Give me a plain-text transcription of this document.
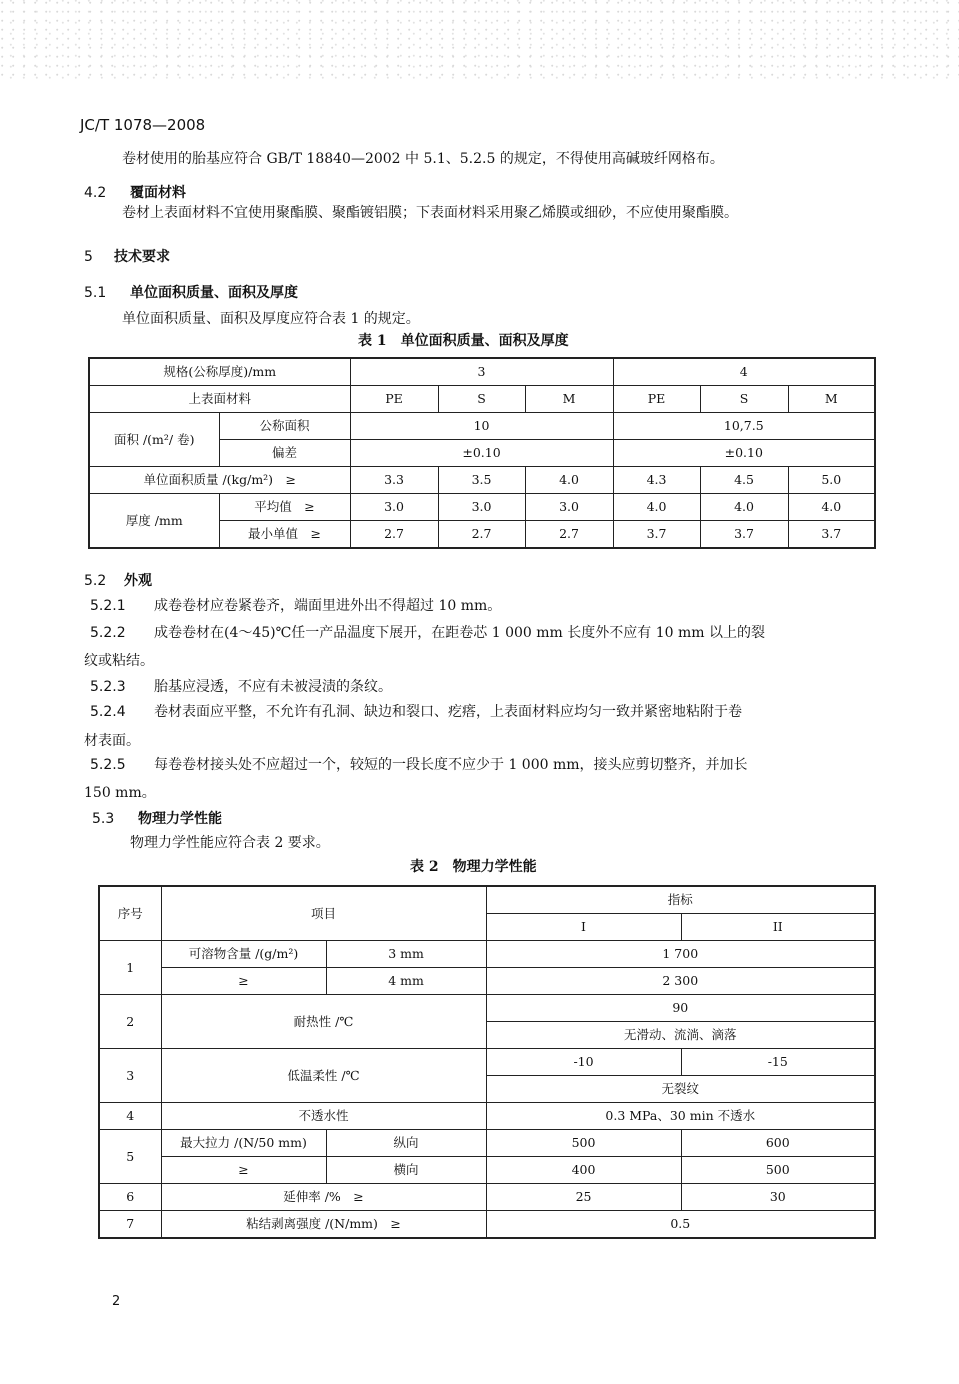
JC/T 1078—2008
卷材使用的胎基应符合 GB/T 18840—2002 中 5.1、5.2.5 的规定，不得使用高碱玻纤网格布。
4.2 覆面材料
卷材上表面材料不宜使用聚酯膜、聚酯镀铝膜；下表面材料采用聚乙烯膜或细砂，不应使用聚酯膜。
5 技术要求
5.1 单位面积质量、面积及厚度
单位面积质量、面积及厚度应符合表 1 的规定。
表 1　单位面积质量、面积及厚度
规格(公称厚度)/mm		3			4		
上表面材料		PE	S	M	PE	S	M
面积 /(m²/ 卷)	公称面积	10			10,7.5		
	偏差	±0.10			±0.10		
单位面积质量 /(kg/m²)　≥		3.3	3.5	4.0	4.3	4.5	5.0
厚度 /mm	平均值　≥	3.0	3.0	3.0	4.0	4.0	4.0
	最小单值　≥	2.7	2.7	2.7	3.7	3.7	3.7
5.2 外观
5.2.1 成卷卷材应卷紧卷齐，端面里进外出不得超过 10 mm。
5.2.2 成卷卷材在(4～45)℃任一产品温度下展开，在距卷芯 1 000 mm 长度外不应有 10 mm 以上的裂
纹或粘结。
5.2.3 胎基应浸透，不应有未被浸渍的条纹。
5.2.4 卷材表面应平整，不允许有孔洞、缺边和裂口、疙瘩，上表面材料应均匀一致并紧密地粘附于卷
材表面。
5.2.5 每卷卷材接头处不应超过一个，较短的一段长度不应少于 1 000 mm，接头应剪切整齐，并加长
150 mm。
5.3 物理力学性能
物理力学性能应符合表 2 要求。
表 2　物理力学性能
序号	项目		指标	
			I	II
1	可溶物含量 /(g/m²)	3 mm	1 700	
	≥	4 mm	2 300	
2	耐热性 /℃		90	
			无滑动、流淌、滴落	
3	低温柔性 /℃		-10	-15
			无裂纹	
4	不透水性		0.3 MPa、30 min 不透水	
5	最大拉力 /(N/50 mm)	纵向	500	600
	≥	横向	400	500
6	延伸率 /%　≥		25	30
7	粘结剥离强度 /(N/mm)　≥		0.5	
2
